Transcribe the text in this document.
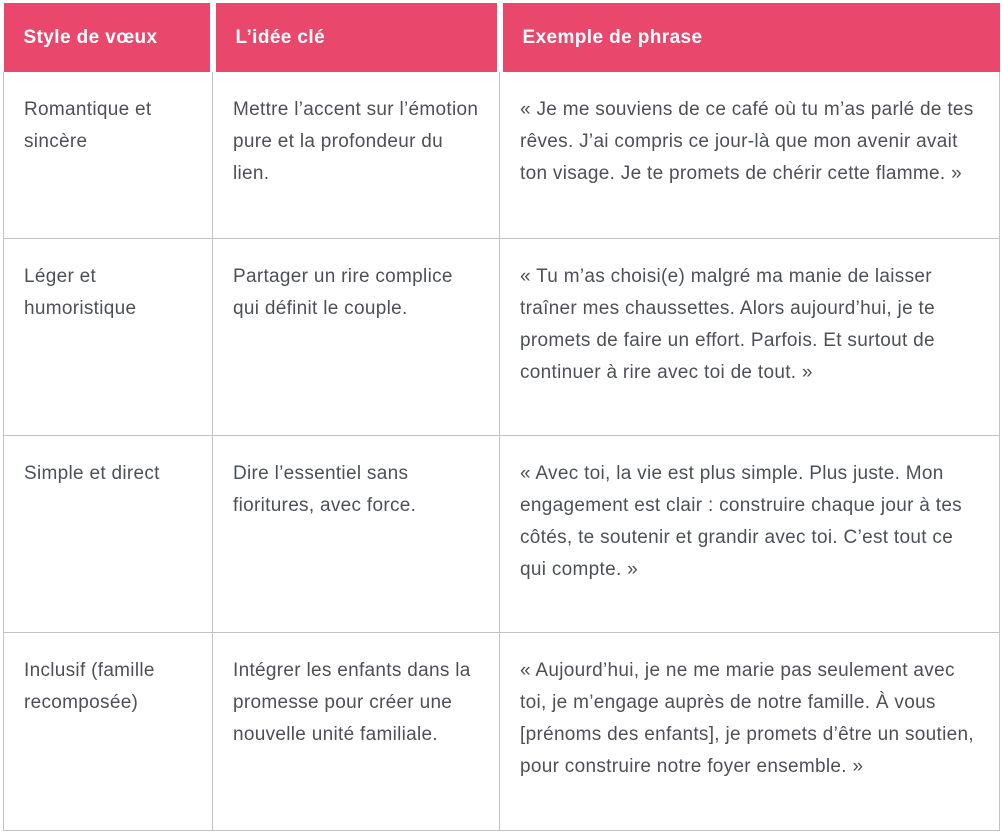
Style de vœux	L’idée clé	Exemple de phrase
Romantique et sincère	Mettre l’accent sur l’émotion pure et la profondeur du lien.	« Je me souviens de ce café où tu m’as parlé de tes rêves. J’ai compris ce jour-là que mon avenir avait ton visage. Je te promets de chérir cette flamme. »
Léger et humoristique	Partager un rire complice qui définit le couple.	« Tu m’as choisi(e) malgré ma manie de laisser traîner mes chaussettes. Alors aujourd’hui, je te promets de faire un effort. Parfois. Et surtout de continuer à rire avec toi de tout. »
Simple et direct	Dire l’essentiel sans fioritures, avec force.	« Avec toi, la vie est plus simple. Plus juste. Mon engagement est clair : construire chaque jour à tes côtés, te soutenir et grandir avec toi. C’est tout ce qui compte. »
Inclusif (famille recomposée)	Intégrer les enfants dans la promesse pour créer une nouvelle unité familiale.	« Aujourd’hui, je ne me marie pas seulement avec toi, je m’engage auprès de notre famille. À vous [prénoms des enfants], je promets d’être un soutien, pour construire notre foyer ensemble. »
